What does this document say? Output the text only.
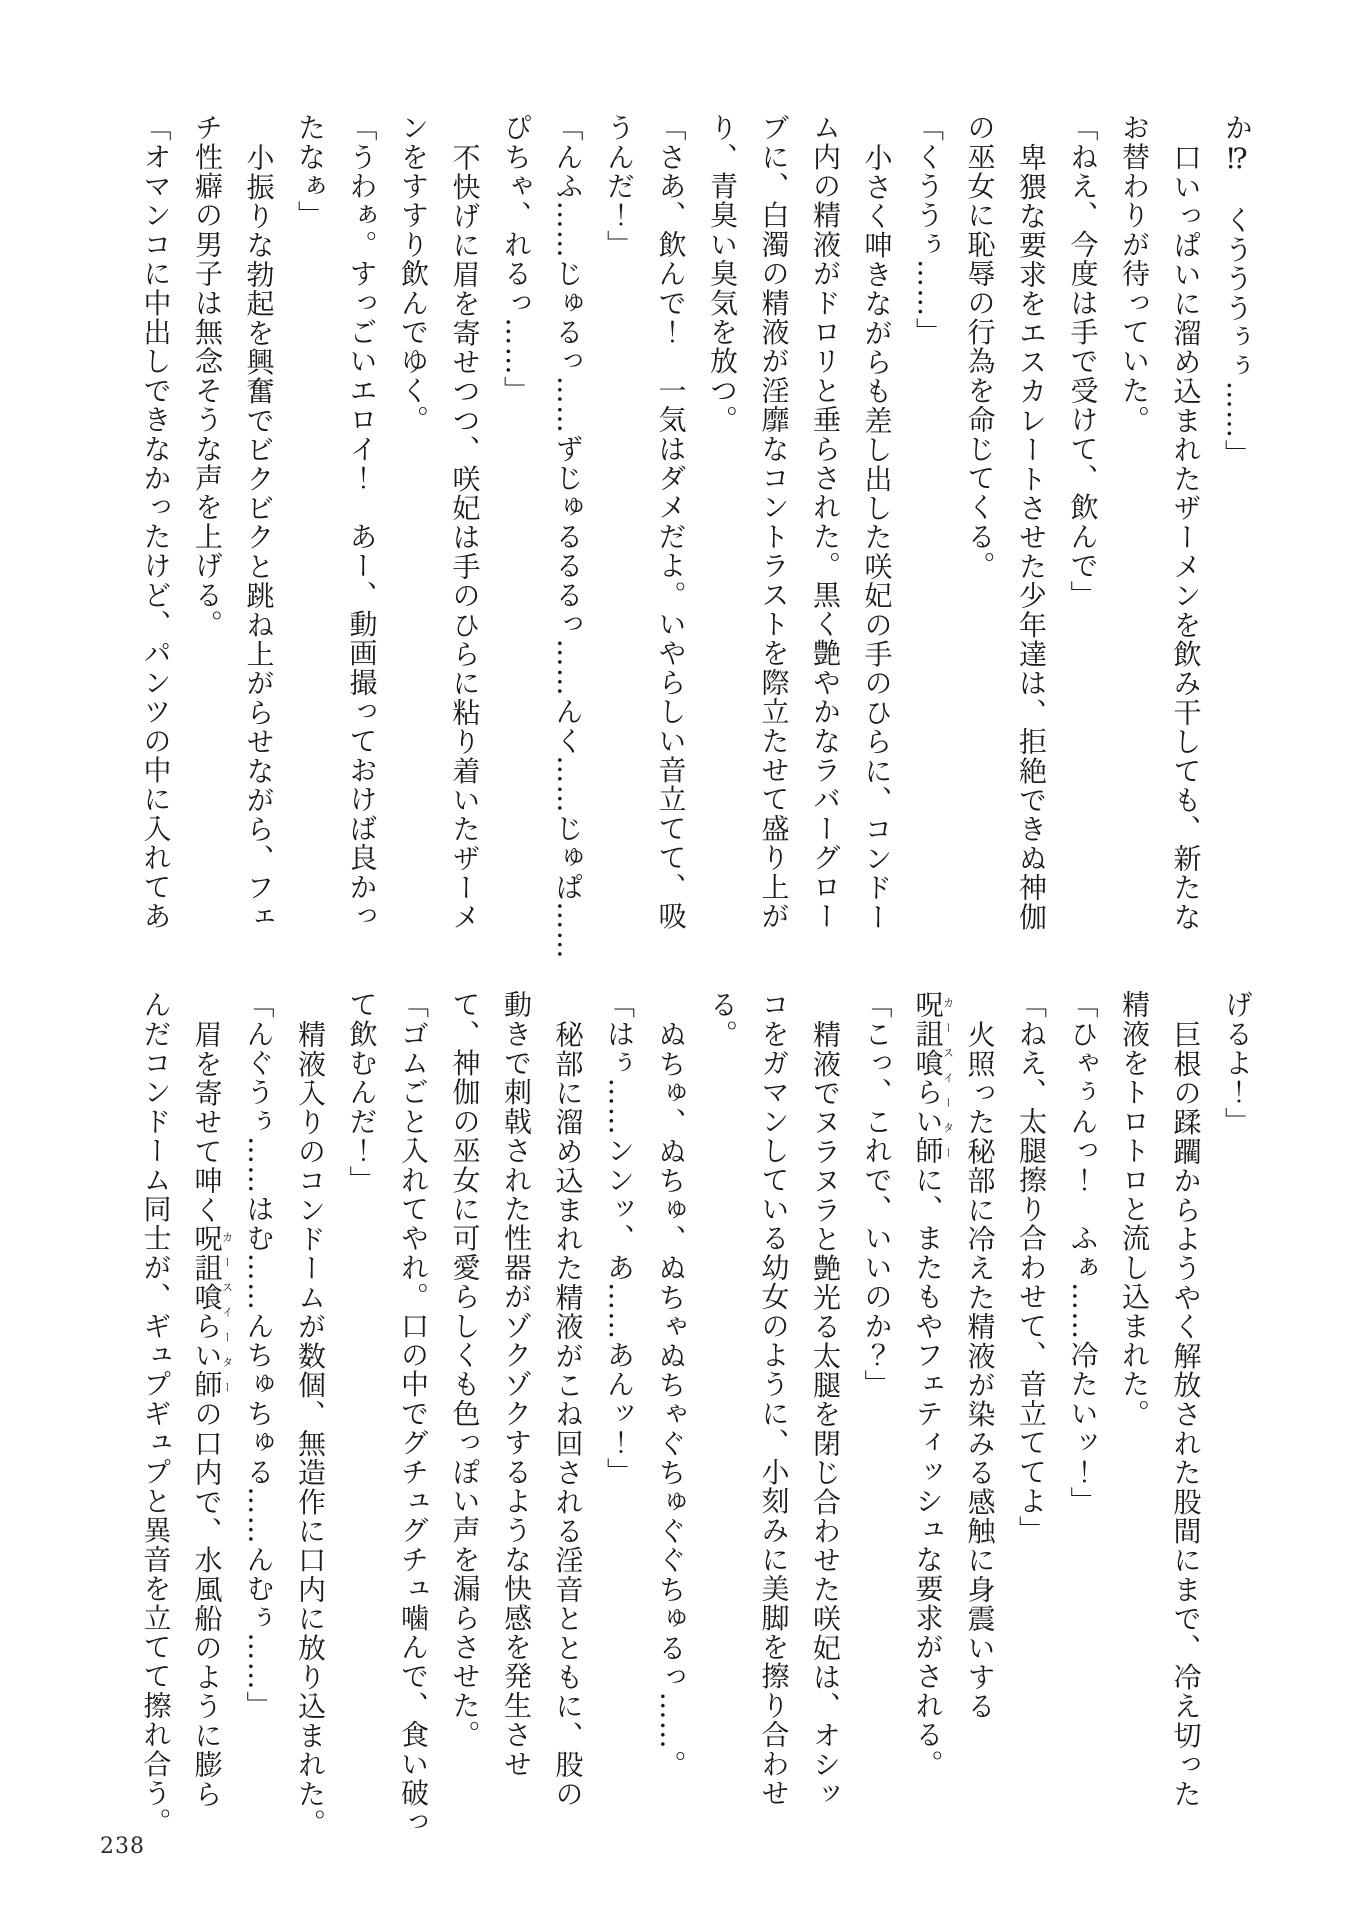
か⁉　くうううぅぅ……」
口いっぱいに溜め込まれたザーメンを飲み干しても、新たな
お替わりが待っていた。
「ねえ、今度は手で受けて、飲んで」
卑猥な要求をエスカレートさせた少年達は、拒絶できぬ神伽
の巫女に恥辱の行為を命じてくる。
「くううぅ……」
小さく呻きながらも差し出した咲妃の手のひらに、コンドー
ム内の精液がドロリと垂らされた。黒く艶やかなラバーグロー
ブに、白濁の精液が淫靡なコントラストを際立たせて盛り上が
り、青臭い臭気を放つ。
「さあ、飲んで！　一気はダメだよ。いやらしい音立てて、吸
うんだ！」
「んふ……じゅるっ……ずじゅるるるっ……んく……じゅぱ……
ぴちゃ、れるっ……」
不快げに眉を寄せつつ、咲妃は手のひらに粘り着いたザーメ
ンをすすり飲んでゆく。
「うわぁ。すっごいエロイ！　あー、動画撮っておけば良かっ
たなぁ」
小振りな勃起を興奮でビクビクと跳ね上がらせながら、フェ
チ性癖の男子は無念そうな声を上げる。
「オマンコに中出しできなかったけど、パンツの中に入れてあ
げるよ！」
巨根の蹂躙からようやく解放された股間にまで、冷え切った
精液をトロトロと流し込まれた。
「ひゃぅんっ！　ふぁ……冷たいッ！」
「ねえ、太腿擦り合わせて、音立ててよ」
火照った秘部に冷えた精液が染みる感触に身震いする
呪詛喰らい師カースイーターに、またもやフェティッシュな要求がされる。
「こっ、これで、いいのか？」
精液でヌラヌラと艶光る太腿を閉じ合わせた咲妃は、オシッ
コをガマンしている幼女のように、小刻みに美脚を擦り合わせ
る。
ぬちゅ、ぬちゅ、ぬちゃぬちゃぐちゅぐぐちゅるっ……。
「はぅ……ンンッ、あ……あんッ！」
秘部に溜め込まれた精液がこね回される淫音とともに、股の
動きで刺戟された性器がゾクゾクするような快感を発生させ
て、神伽の巫女に可愛らしくも色っぽい声を漏らさせた。
「ゴムごと入れてやれ。口の中でグチュグチュ噛んで、食い破っ
て飲むんだ！」
精液入りのコンドームが数個、無造作に口内に放り込まれた。
「んぐうぅ……はむ……んちゅちゅる……んむぅ……」
眉を寄せて呻く呪詛喰らい師カースイーターの口内で、水風船のように膨ら
んだコンドーム同士が、ギュプギュプと異音を立てて擦れ合う。
238
